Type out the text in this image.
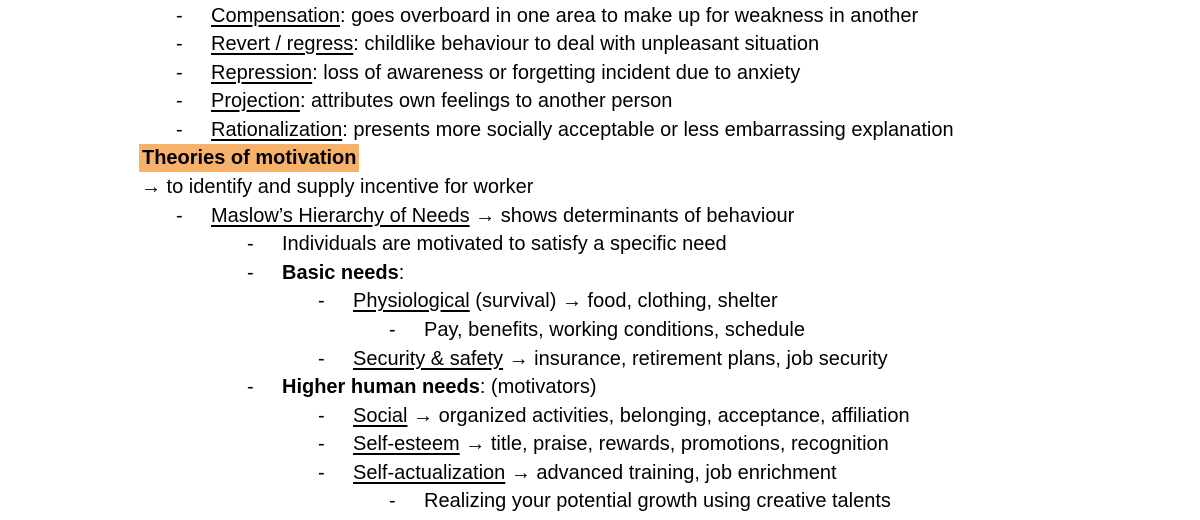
- Compensation: goes overboard in one area to make up for weakness in another
- Revert / regress: childlike behaviour to deal with unpleasant situation
- Repression: loss of awareness or forgetting incident due to anxiety
- Projection: attributes own feelings to another person
- Rationalization: presents more socially acceptable or less embarrassing explanation
Theories of motivation
→ to identify and supply incentive for worker
- Maslow’s Hierarchy of Needs → shows determinants of behaviour
- Individuals are motivated to satisfy a specific need
- Basic needs:
- Physiological (survival) → food, clothing, shelter
- Pay, benefits, working conditions, schedule
- Security & safety → insurance, retirement plans, job security
- Higher human needs: (motivators)
- Social → organized activities, belonging, acceptance, affiliation
- Self-esteem → title, praise, rewards, promotions, recognition
- Self-actualization → advanced training, job enrichment
- Realizing your potential growth using creative talents
